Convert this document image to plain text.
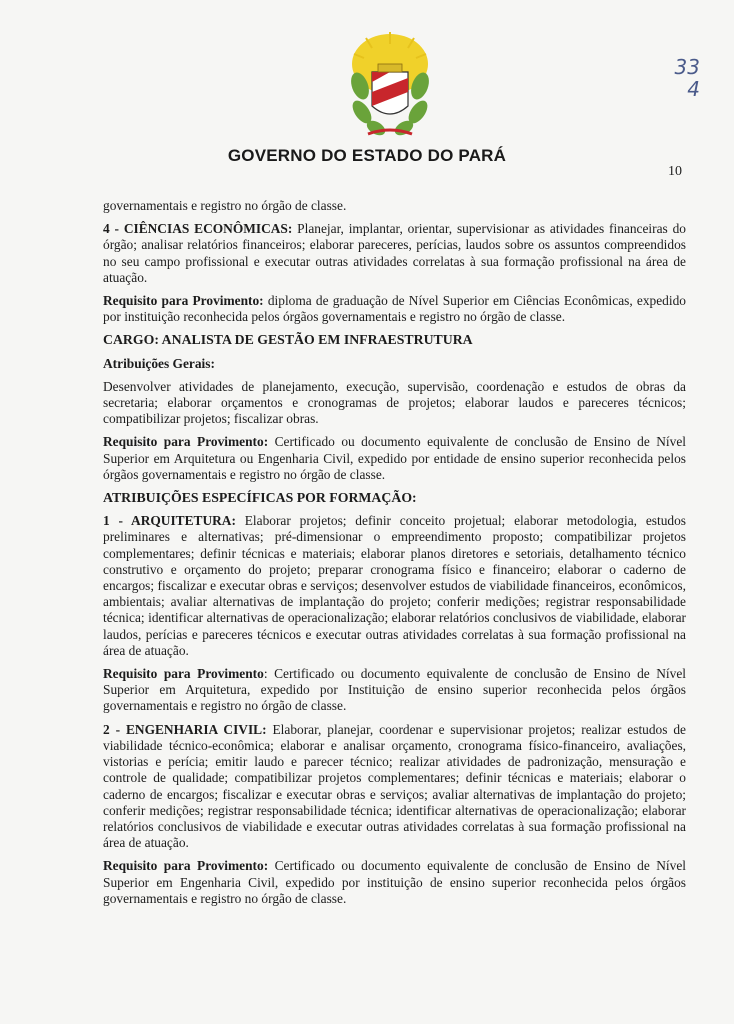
33
4
GOVERNO DO ESTADO DO PARÁ
10

governamentais e registro no órgão de classe.

4 - CIÊNCIAS ECONÔMICAS: Planejar, implantar, orientar, supervisionar as atividades financeiras do órgão; analisar relatórios financeiros; elaborar pareceres, perícias, laudos sobre os assuntos compreendidos no seu campo profissional e executar outras atividades correlatas à sua formação profissional na área de atuação.

Requisito para Provimento: diploma de graduação de Nível Superior em Ciências Econômicas, expedido por instituição reconhecida pelos órgãos governamentais e registro no órgão de classe.

CARGO: ANALISTA DE GESTÃO EM INFRAESTRUTURA
Atribuições Gerais:

Desenvolver atividades de planejamento, execução, supervisão, coordenação e estudos de obras da secretaria; elaborar orçamentos e cronogramas de projetos; elaborar laudos e pareceres técnicos; compatibilizar projetos; fiscalizar obras.

Requisito para Provimento: Certificado ou documento equivalente de conclusão de Ensino de Nível Superior em Arquitetura ou Engenharia Civil, expedido por entidade de ensino superior reconhecida pelos órgãos governamentais e registro no órgão de classe.

ATRIBUIÇÕES ESPECÍFICAS POR FORMAÇÃO:

1 - ARQUITETURA: Elaborar projetos; definir conceito projetual; elaborar metodologia, estudos preliminares e alternativas; pré-dimensionar o empreendimento proposto; compatibilizar projetos complementares; definir técnicas e materiais; elaborar planos diretores e setoriais, detalhamento técnico construtivo e orçamento do projeto; preparar cronograma físico e financeiro; elaborar o caderno de encargos; fiscalizar e executar obras e serviços; desenvolver estudos de viabilidade financeiros, econômicos, ambientais; avaliar alternativas de implantação do projeto; conferir medições; registrar responsabilidade técnica; identificar alternativas de operacionalização; elaborar relatórios conclusivos de viabilidade, elaborar laudos, perícias e pareceres técnicos e executar outras atividades correlatas à sua formação profissional na área de atuação.

Requisito para Provimento: Certificado ou documento equivalente de conclusão de Ensino de Nível Superior em Arquitetura, expedido por Instituição de ensino superior reconhecida pelos órgãos governamentais e registro no órgão de classe.

2 - ENGENHARIA CIVIL: Elaborar, planejar, coordenar e supervisionar projetos; realizar estudos de viabilidade técnico-econômica; elaborar e analisar orçamento, cronograma físico-financeiro, avaliações, vistorias e perícia; emitir laudo e parecer técnico; realizar atividades de padronização, mensuração e controle de qualidade; compatibilizar projetos complementares; definir técnicas e materiais; elaborar o caderno de encargos; fiscalizar e executar obras e serviços; avaliar alternativas de implantação do projeto; conferir medições; registrar responsabilidade técnica; identificar alternativas de operacionalização; elaborar relatórios conclusivos de viabilidade e executar outras atividades correlatas à sua formação profissional na área de atuação.

Requisito para Provimento: Certificado ou documento equivalente de conclusão de Ensino de Nível Superior em Engenharia Civil, expedido por instituição de ensino superior reconhecida pelos órgãos governamentais e registro no órgão de classe.
